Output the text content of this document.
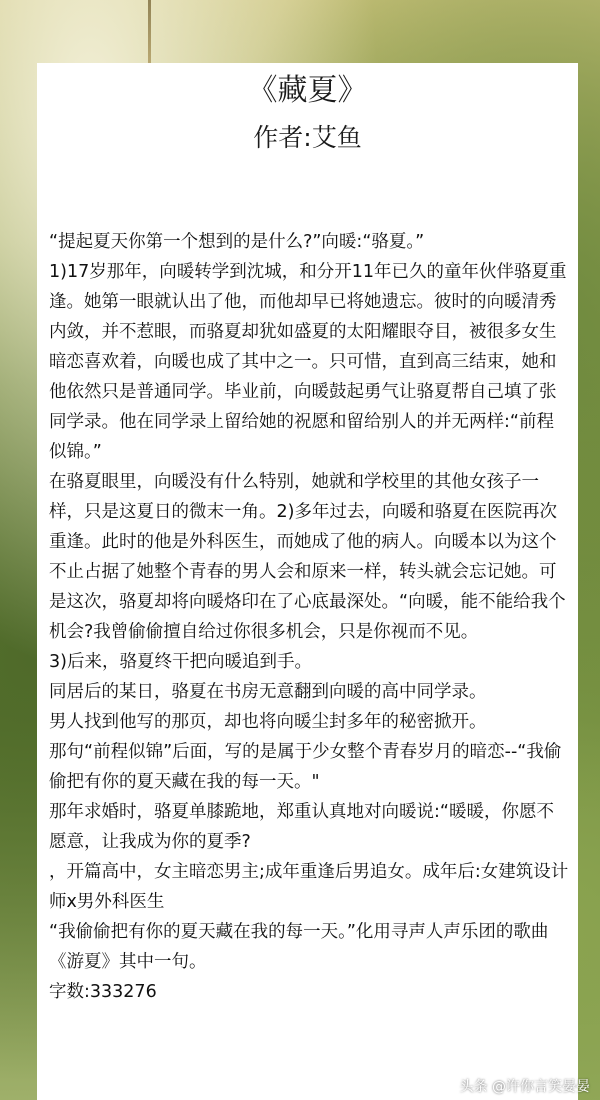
《藏夏》
作者:艾鱼

“提起夏天你第一个想到的是什么?”向暖:“骆夏。”

1)17岁那年，向暖转学到沈城，和分开11年已久的童年伙伴骆夏重逢。她第一眼就认出了他，而他却早已将她遗忘。彼时的向暖清秀内敛，并不惹眼，而骆夏却犹如盛夏的太阳耀眼夺目，被很多女生暗恋喜欢着，向暖也成了其中之一。只可惜，直到高三结束，她和他依然只是普通同学。毕业前，向暖鼓起勇气让骆夏帮自己填了张同学录。他在同学录上留给她的祝愿和留给别人的并无两样:“前程似锦。”

在骆夏眼里，向暖没有什么特别，她就和学校里的其他女孩子一样，只是这夏日的微末一角。2)多年过去，向暖和骆夏在医院再次重逢。此时的他是外科医生，而她成了他的病人。向暖本以为这个不止占据了她整个青春的男人会和原来一样，转头就会忘记她。可是这次，骆夏却将向暖烙印在了心底最深处。“向暖，能不能给我个机会?我曾偷偷擅自给过你很多机会，只是你视而不见。

3)后来，骆夏终干把向暖追到手。

同居后的某日，骆夏在书房无意翻到向暖的高中同学录。

男人找到他写的那页，却也将向暖尘封多年的秘密掀开。

那句“前程似锦”后面，写的是属于少女整个青春岁月的暗恋--“我偷偷把有你的夏天藏在我的每一天。"

那年求婚时，骆夏单膝跪地，郑重认真地对向暖说:“暖暖，你愿不愿意，让我成为你的夏季?

，开篇高中，女主暗恋男主;成年重逢后男追女。成年后:女建筑设计师x男外科医生

“我偷偷把有你的夏天藏在我的每一天。”化用寻声人声乐团的歌曲《游夏》其中一句。

字数:333276

头条 @许你言笑晏晏
